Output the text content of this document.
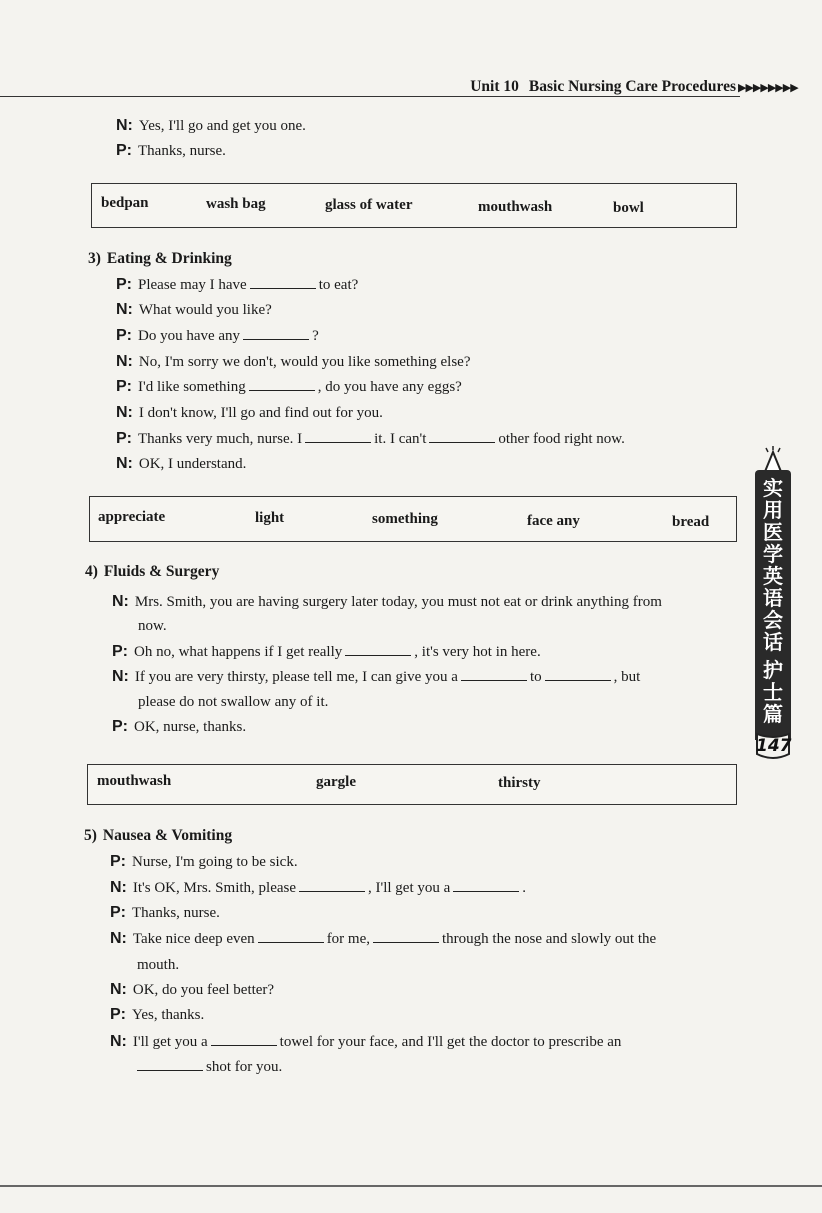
Unit 10 Basic Nursing Care Procedures ▶▶▶▶▶▶▶▶
N: Yes, I'll go and get you one.
P: Thanks, nurse.
bedpan	wash bag	glass of water	mouthwash	bowl
3) Eating & Drinking
P: Please may I have	to eat?
N: What would you like?
P: Do you have any	?
N: No, I'm sorry we don't, would you like something else?
P: I'd like something	, do you have any eggs?
N: I don't know, I'll go and find out for you.
P: Thanks very much, nurse. I	it. I can't	other food right now.
N: OK, I understand.
appreciate	light	something	face any	bread
4) Fluids & Surgery
N: Mrs. Smith, you are having surgery later today, you must not eat or drink anything from
now.
P: Oh no, what happens if I get really	, it's very hot in here.
N: If you are very thirsty, please tell me, I can give you a	to	, but
please do not swallow any of it.
P: OK, nurse, thanks.
mouthwash	gargle	thirsty
5) Nausea & Vomiting
P: Nurse, I'm going to be sick.
N: It's OK, Mrs. Smith, please	, I'll get you a	.
P: Thanks, nurse.
N: Take nice deep even	for me,	through the nose and slowly out the
mouth.
N: OK, do you feel better?
P: Yes, thanks.
N: I'll get you a	towel for your face, and I'll get the doctor to prescribe an
shot for you.
实
用
医
学
英
语
会
话
护
士
篇
147
